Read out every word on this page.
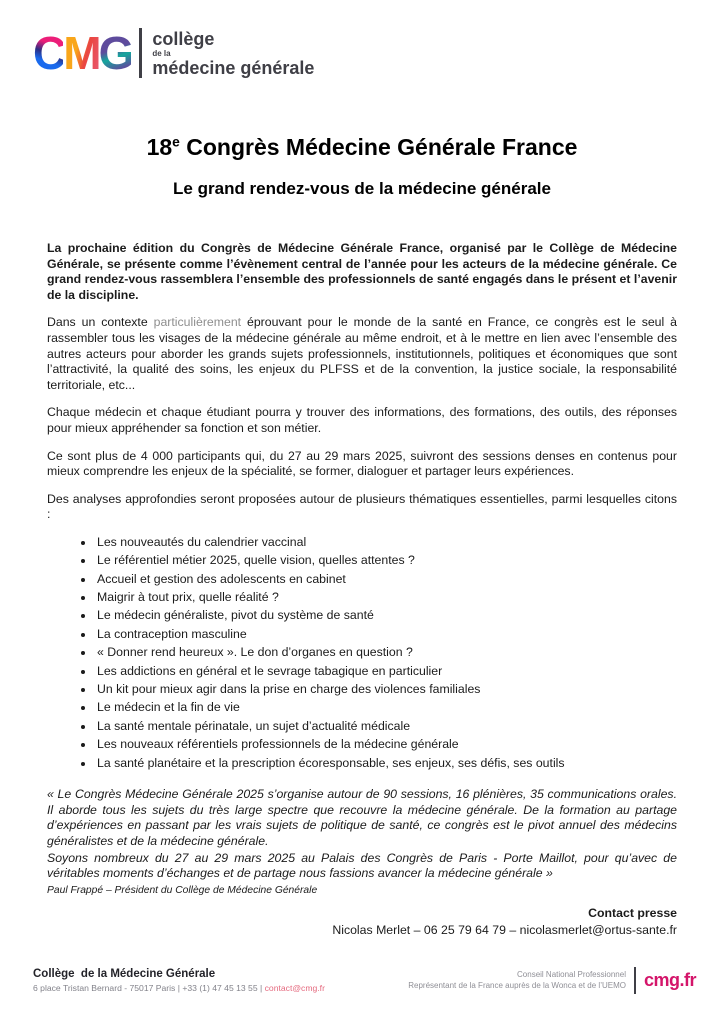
C M G collège
de la
médecine générale
18e Congrès Médecine Générale France
Le grand rendez-vous de la médecine générale

La prochaine édition du Congrès de Médecine Générale France, organisé par le Collège de Médecine Générale, se présente comme l’évènement central de l’année pour les acteurs de la médecine générale. Ce grand rendez-vous rassemblera l’ensemble des professionnels de santé engagés dans le présent et l’avenir de la discipline.

Dans un contexte particulièrement éprouvant pour le monde de la santé en France, ce congrès est le seul à rassembler tous les visages de la médecine générale au même endroit, et à le mettre en lien avec l’ensemble des autres acteurs pour aborder les grands sujets professionnels, institutionnels, politiques et économiques que sont l’attractivité, la qualité des soins, les enjeux du PLFSS et de la convention, la justice sociale, la responsabilité territoriale, etc...

Chaque médecin et chaque étudiant pourra y trouver des informations, des formations, des outils, des réponses pour mieux appréhender sa fonction et son métier.

Ce sont plus de 4 000 participants qui, du 27 au 29 mars 2025, suivront des sessions denses en contenus pour mieux comprendre les enjeux de la spécialité, se former, dialoguer et partager leurs expériences.

Des analyses approfondies seront proposées autour de plusieurs thématiques essentielles, parmi lesquelles citons :

• Les nouveautés du calendrier vaccinal
• Le référentiel métier 2025, quelle vision, quelles attentes ?
• Accueil et gestion des adolescents en cabinet
• Maigrir à tout prix, quelle réalité ?
• Le médecin généraliste, pivot du système de santé
• La contraception masculine
• « Donner rend heureux ». Le don d’organes en question ?
• Les addictions en général et le sevrage tabagique en particulier
• Un kit pour mieux agir dans la prise en charge des violences familiales
• Le médecin et la fin de vie
• La santé mentale périnatale, un sujet d’actualité médicale
• Les nouveaux référentiels professionnels de la médecine générale
• La santé planétaire et la prescription écoresponsable, ses enjeux, ses défis, ses outils

« Le Congrès Médecine Générale 2025 s’organise autour de 90 sessions, 16 plénières, 35 communications orales. Il aborde tous les sujets du très large spectre que recouvre la médecine générale. De la formation au partage d’expériences en passant par les vrais sujets de politique de santé, ce congrès est le pivot annuel des médecins généralistes et de la médecine générale.

Soyons nombreux du 27 au 29 mars 2025 au Palais des Congrès de Paris - Porte Maillot, pour qu’avec de véritables moments d’échanges et de partage nous fassions avancer la médecine générale »

Paul Frappé – Président du Collège de Médecine Générale
Contact presse
Nicolas Merlet – 06 25 79 64 79 – nicolasmerlet@ortus-sante.fr
Collège  de la Médecine Générale
6 place Tristan Bernard - 75017 Paris | +33 (1) 47 45 13 55 | contact@cmg.fr
Conseil National Professionnel
Représentant de la France auprès de la Wonca et de l’UEMO cmg.fr
